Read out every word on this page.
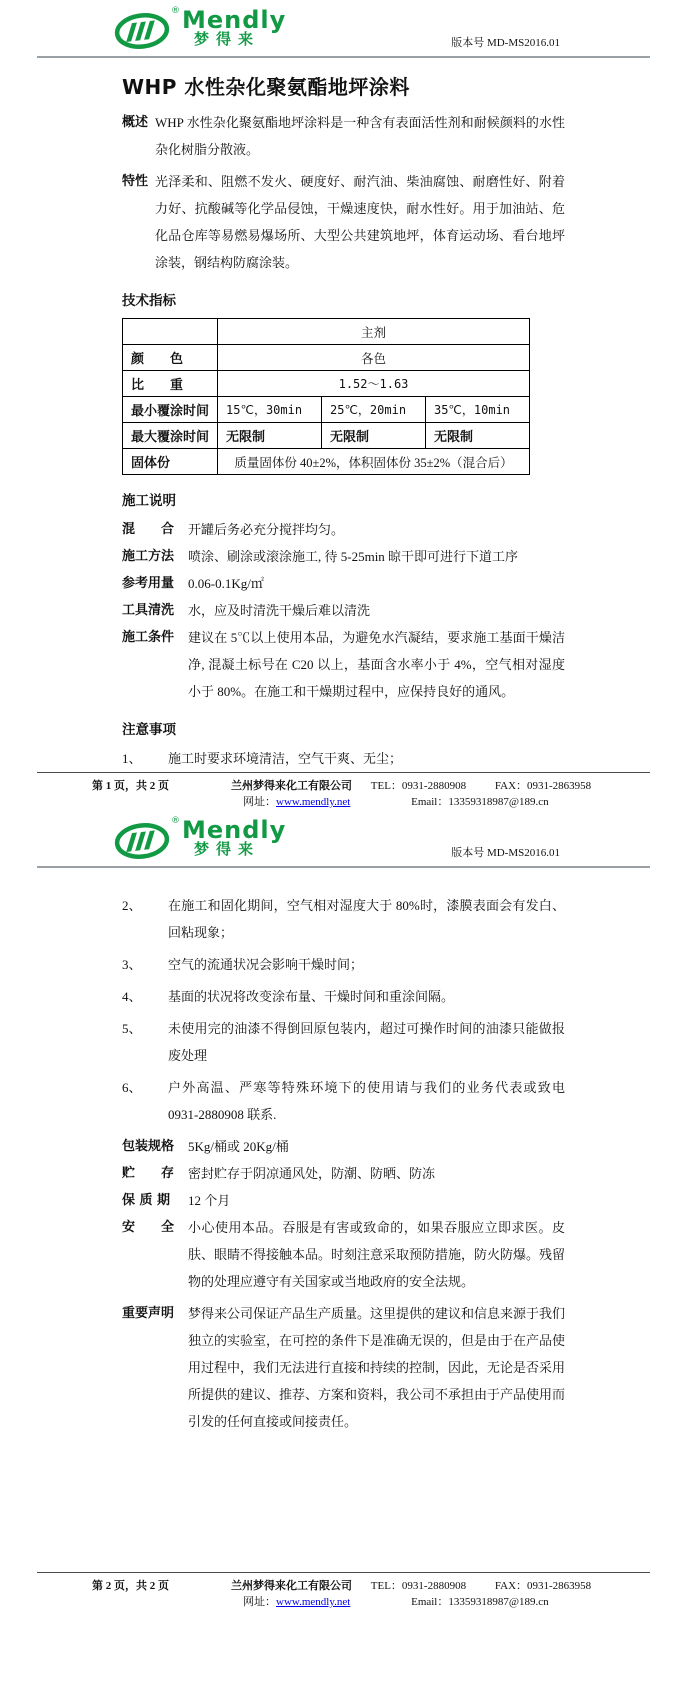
® Mendly
梦得来	版本号 MD-MS2016.01
WHP 水性杂化聚氨酯地坪涂料
概述 WHP 水性杂化聚氨酯地坪涂料是一种含有表面活性剂和耐候颜料的水性杂化树脂分散液。
特性 光泽柔和、阻燃不发火、硬度好、耐汽油、柴油腐蚀、耐磨性好、附着力好、抗酸碱等化学品侵蚀，干燥速度快，耐水性好。用于加油站、危化品仓库等易燃易爆场所、大型公共建筑地坪，体育运动场、看台地坪涂装，钢结构防腐涂装。
技术指标
	主剂		
颜　　色	各色		
比　　重	1.52～1.63		
最小覆涂时间	15℃，30min	25℃，20min	35℃，10min
最大覆涂时间	无限制	无限制	无限制
固体份	质量固体份 40±2%，体积固体份 35±2%（混合后）		
施工说明
混　　合	开罐后务必充分搅拌均匀。
施工方法	喷涂、刷涂或滚涂施工, 待 5-25min 晾干即可进行下道工序
参考用量	0.06-0.1Kg/㎡
工具清洗	水，应及时清洗干燥后难以清洗
施工条件	建议在 5℃以上使用本品，为避免水汽凝结，要求施工基面干燥洁净, 混凝土标号在 C20 以上，基面含水率小于 4%，空气相对湿度小于 80%。在施工和干燥期过程中，应保持良好的通风。
注意事项
1、	施工时要求环境清洁，空气干爽、无尘；
第 1 页，共 2 页	兰州梦得来化工有限公司 TEL：0931-2880908	FAX：0931-2863958
网址：www.mendly.net	Email：13359318987@189.cn
® Mendly
梦得来	版本号 MD-MS2016.01
2、	在施工和固化期间，空气相对湿度大于 80%时，漆膜表面会有发白、回粘现象；
3、	空气的流通状况会影响干燥时间；
4、	基面的状况将改变涂布量、干燥时间和重涂间隔。
5、	未使用完的油漆不得倒回原包装内，超过可操作时间的油漆只能做报废处理
6、	户外高温、严寒等特殊环境下的使用请与我们的业务代表或致电 0931-2880908 联系.
包装规格	5Kg/桶或 20Kg/桶
贮　　存	密封贮存于阴凉通风处，防潮、防晒、防冻
保 质 期	12 个月
安　　全	小心使用本品。吞服是有害或致命的，如果吞服应立即求医。皮肤、眼睛不得接触本品。时刻注意采取预防措施，防火防爆。残留物的处理应遵守有关国家或当地政府的安全法规。
重要声明	梦得来公司保证产品生产质量。这里提供的建议和信息来源于我们独立的实验室，在可控的条件下是准确无误的，但是由于在产品使用过程中，我们无法进行直接和持续的控制，因此，无论是否采用所提供的建议、推荐、方案和资料，我公司不承担由于产品使用而引发的任何直接或间接责任。
第 2 页，共 2 页	兰州梦得来化工有限公司 TEL：0931-2880908	FAX：0931-2863958
网址：www.mendly.net	Email：13359318987@189.cn
